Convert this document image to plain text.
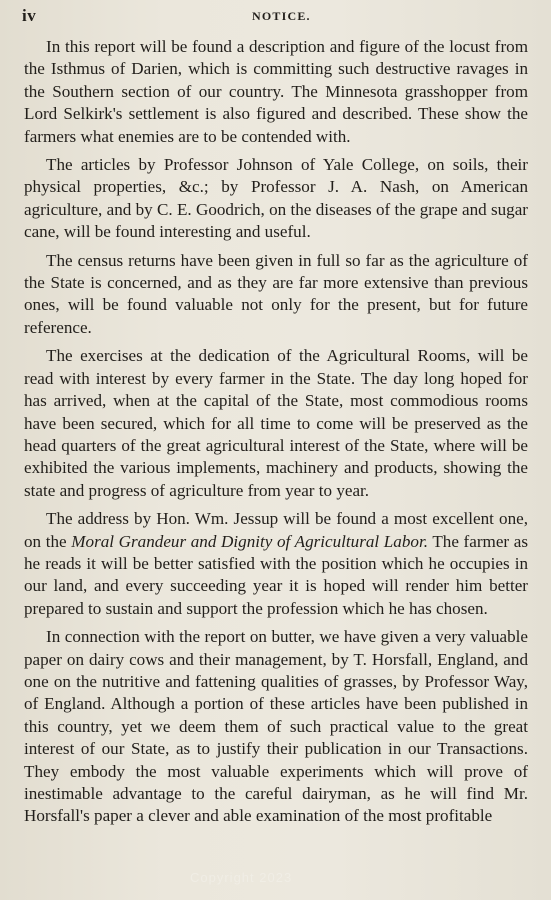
iv	NOTICE.

In this report will be found a description and figure of the locust from the Isthmus of Darien, which is committing such destructive ravages in the Southern section of our country. The Minnesota grasshopper from Lord Selkirk's settlement is also figured and described. These show the farmers what enemies are to be contended with.

The articles by Professor Johnson of Yale College, on soils, their physical properties, &c.; by Professor J. A. Nash, on American agriculture, and by C. E. Goodrich, on the diseases of the grape and sugar cane, will be found interesting and useful.

The census returns have been given in full so far as the agriculture of the State is concerned, and as they are far more extensive than previous ones, will be found valuable not only for the present, but for future reference.

The exercises at the dedication of the Agricultural Rooms, will be read with interest by every farmer in the State. The day long hoped for has arrived, when at the capital of the State, most commodious rooms have been secured, which for all time to come will be preserved as the head quarters of the great agricultural interest of the State, where will be exhibited the various implements, machinery and products, showing the state and progress of agriculture from year to year.

The address by Hon. Wm. Jessup will be found a most excellent one, on the Moral Grandeur and Dignity of Agricultural Labor. The farmer as he reads it will be better satisfied with the position which he occupies in our land, and every succeeding year it is hoped will render him better prepared to sustain and support the profession which he has chosen.

In connection with the report on butter, we have given a very valuable paper on dairy cows and their management, by T. Horsfall, England, and one on the nutritive and fattening qualities of grasses, by Professor Way, of England. Although a portion of these articles have been published in this country, yet we deem them of such practical value to the great interest of our State, as to justify their publication in our Transactions. They embody the most valuable experiments which will prove of inestimable advantage to the careful dairyman, as he will find Mr. Horsfall's paper a clever and able examination of the most profitable

Copyright 2023
